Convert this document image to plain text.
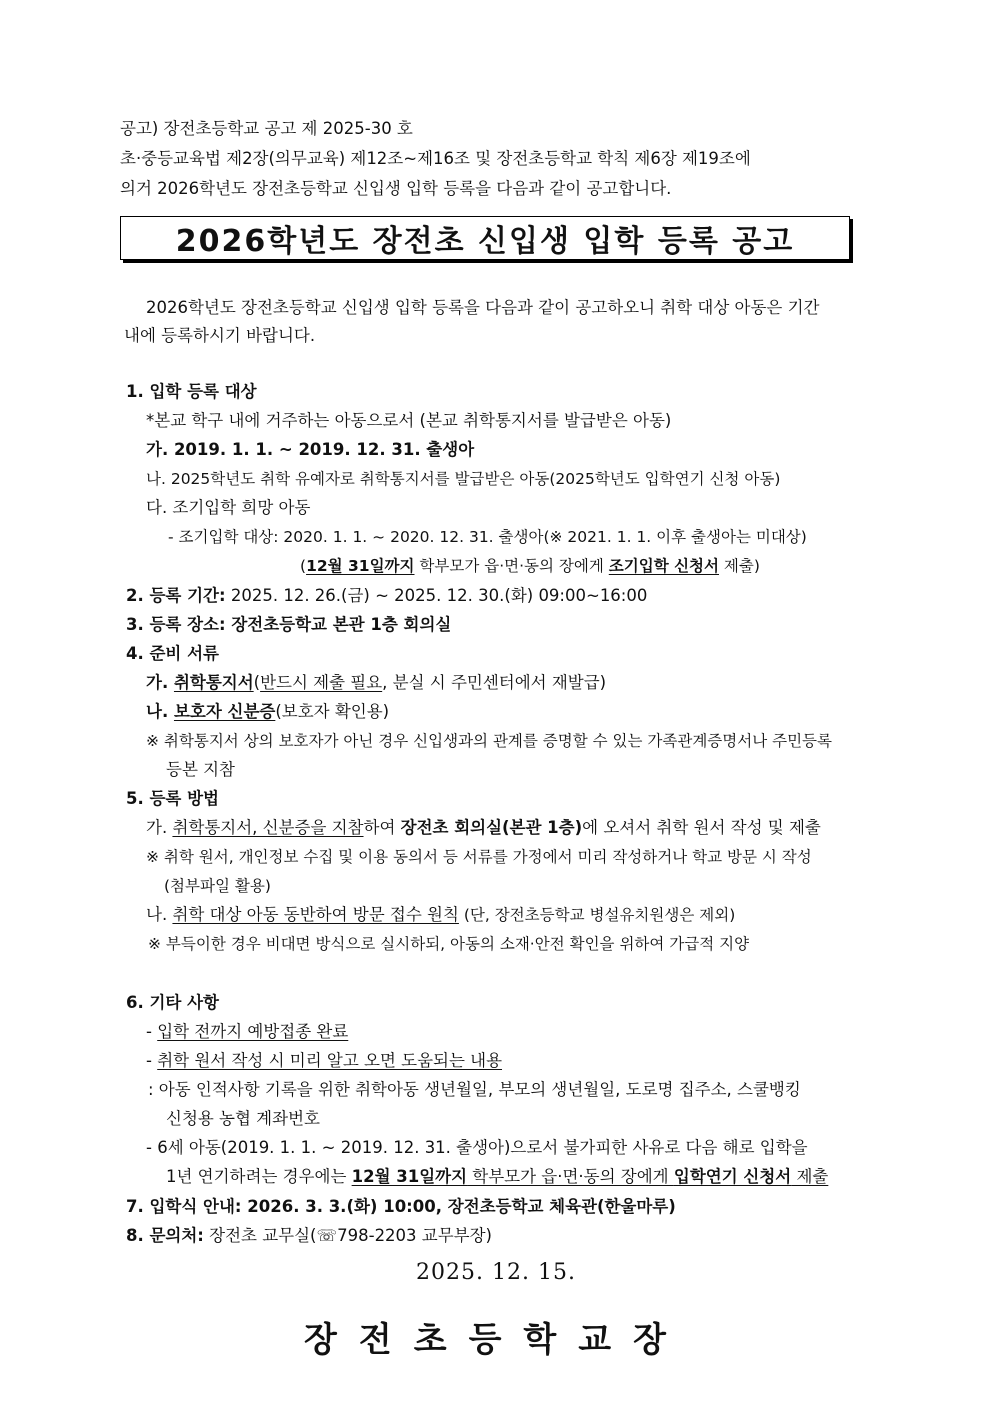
공고) 장전초등학교 공고 제 2025-30 호
초·중등교육법 제2장(의무교육) 제12조~제16조 및 장전초등학교 학칙 제6장 제19조에
의거 2026학년도 장전초등학교 신입생 입학 등록을 다음과 같이 공고합니다.
2026학년도 장전초 신입생 입학 등록 공고
2026학년도 장전초등학교 신입생 입학 등록을 다음과 같이 공고하오니 취학 대상 아동은 기간
내에 등록하시기 바랍니다.
1. 입학 등록 대상
*본교 학구 내에 거주하는 아동으로서 (본교 취학통지서를 발급받은 아동)
가. 2019. 1. 1. ~ 2019. 12. 31. 출생아
나. 2025학년도 취학 유예자로 취학통지서를 발급받은 아동(2025학년도 입학연기 신청 아동)
다. 조기입학 희망 아동
- 조기입학 대상: 2020. 1. 1. ~ 2020. 12. 31. 출생아(※ 2021. 1. 1. 이후 출생아는 미대상)
(12월 31일까지 학부모가 읍·면·동의 장에게 조기입학 신청서 제출)
2. 등록 기간: 2025. 12. 26.(금) ~ 2025. 12. 30.(화) 09:00~16:00
3. 등록 장소: 장전초등학교 본관 1층 회의실
4. 준비 서류
가. 취학통지서(반드시 제출 필요, 분실 시 주민센터에서 재발급)
나. 보호자 신분증(보호자 확인용)
※ 취학통지서 상의 보호자가 아닌 경우 신입생과의 관계를 증명할 수 있는 가족관계증명서나 주민등록
등본 지참
5. 등록 방법
가. 취학통지서, 신분증을 지참하여 장전초 회의실(본관 1층)에 오셔서 취학 원서 작성 및 제출
※ 취학 원서, 개인정보 수집 및 이용 동의서 등 서류를 가정에서 미리 작성하거나 학교 방문 시 작성
(첨부파일 활용)
나. 취학 대상 아동 동반하여 방문 접수 원칙 (단, 장전초등학교 병설유치원생은 제외)
※ 부득이한 경우 비대면 방식으로 실시하되, 아동의 소재·안전 확인을 위하여 가급적 지양
6. 기타 사항
- 입학 전까지 예방접종 완료
- 취학 원서 작성 시 미리 알고 오면 도움되는 내용
: 아동 인적사항 기록을 위한 취학아동 생년월일, 부모의 생년월일, 도로명 집주소, 스쿨뱅킹
신청용 농협 계좌번호
- 6세 아동(2019. 1. 1. ~ 2019. 12. 31. 출생아)으로서 불가피한 사유로 다음 해로 입학을
1년 연기하려는 경우에는 12월 31일까지 학부모가 읍·면·동의 장에게 입학연기 신청서 제출
7. 입학식 안내: 2026. 3. 3.(화) 10:00, 장전초등학교 체육관(한울마루)
8. 문의처: 장전초 교무실(☏798-2203 교무부장)
2025. 12. 15.
장전초등학교장
